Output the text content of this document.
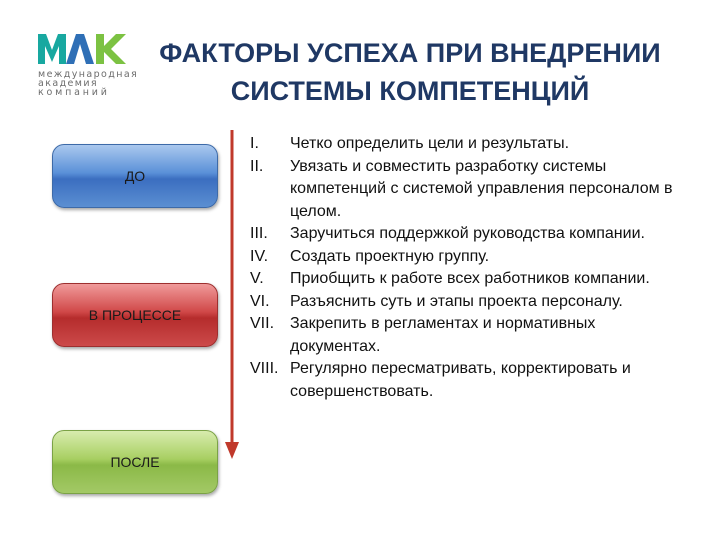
международная
академия
компаний
ФАКТОРЫ УСПЕХА ПРИ ВНЕДРЕНИИ
СИСТЕМЫ КОМПЕТЕНЦИЙ
ДО
В ПРОЦЕССЕ
ПОСЛЕ
I.	Четко определить цели и результаты.
II.	Увязать и совместить разработку системы компетенций с системой управления персоналом в целом.
III.	Заручиться поддержкой руководства компании.
IV.	Создать проектную группу.
V.	Приобщить к работе всех работников компании.
VI.	Разъяснить суть и этапы проекта персоналу.
VII. Закрепить в регламентах и нормативных документах.
VIII. Регулярно пересматривать, корректировать и совершенствовать.
